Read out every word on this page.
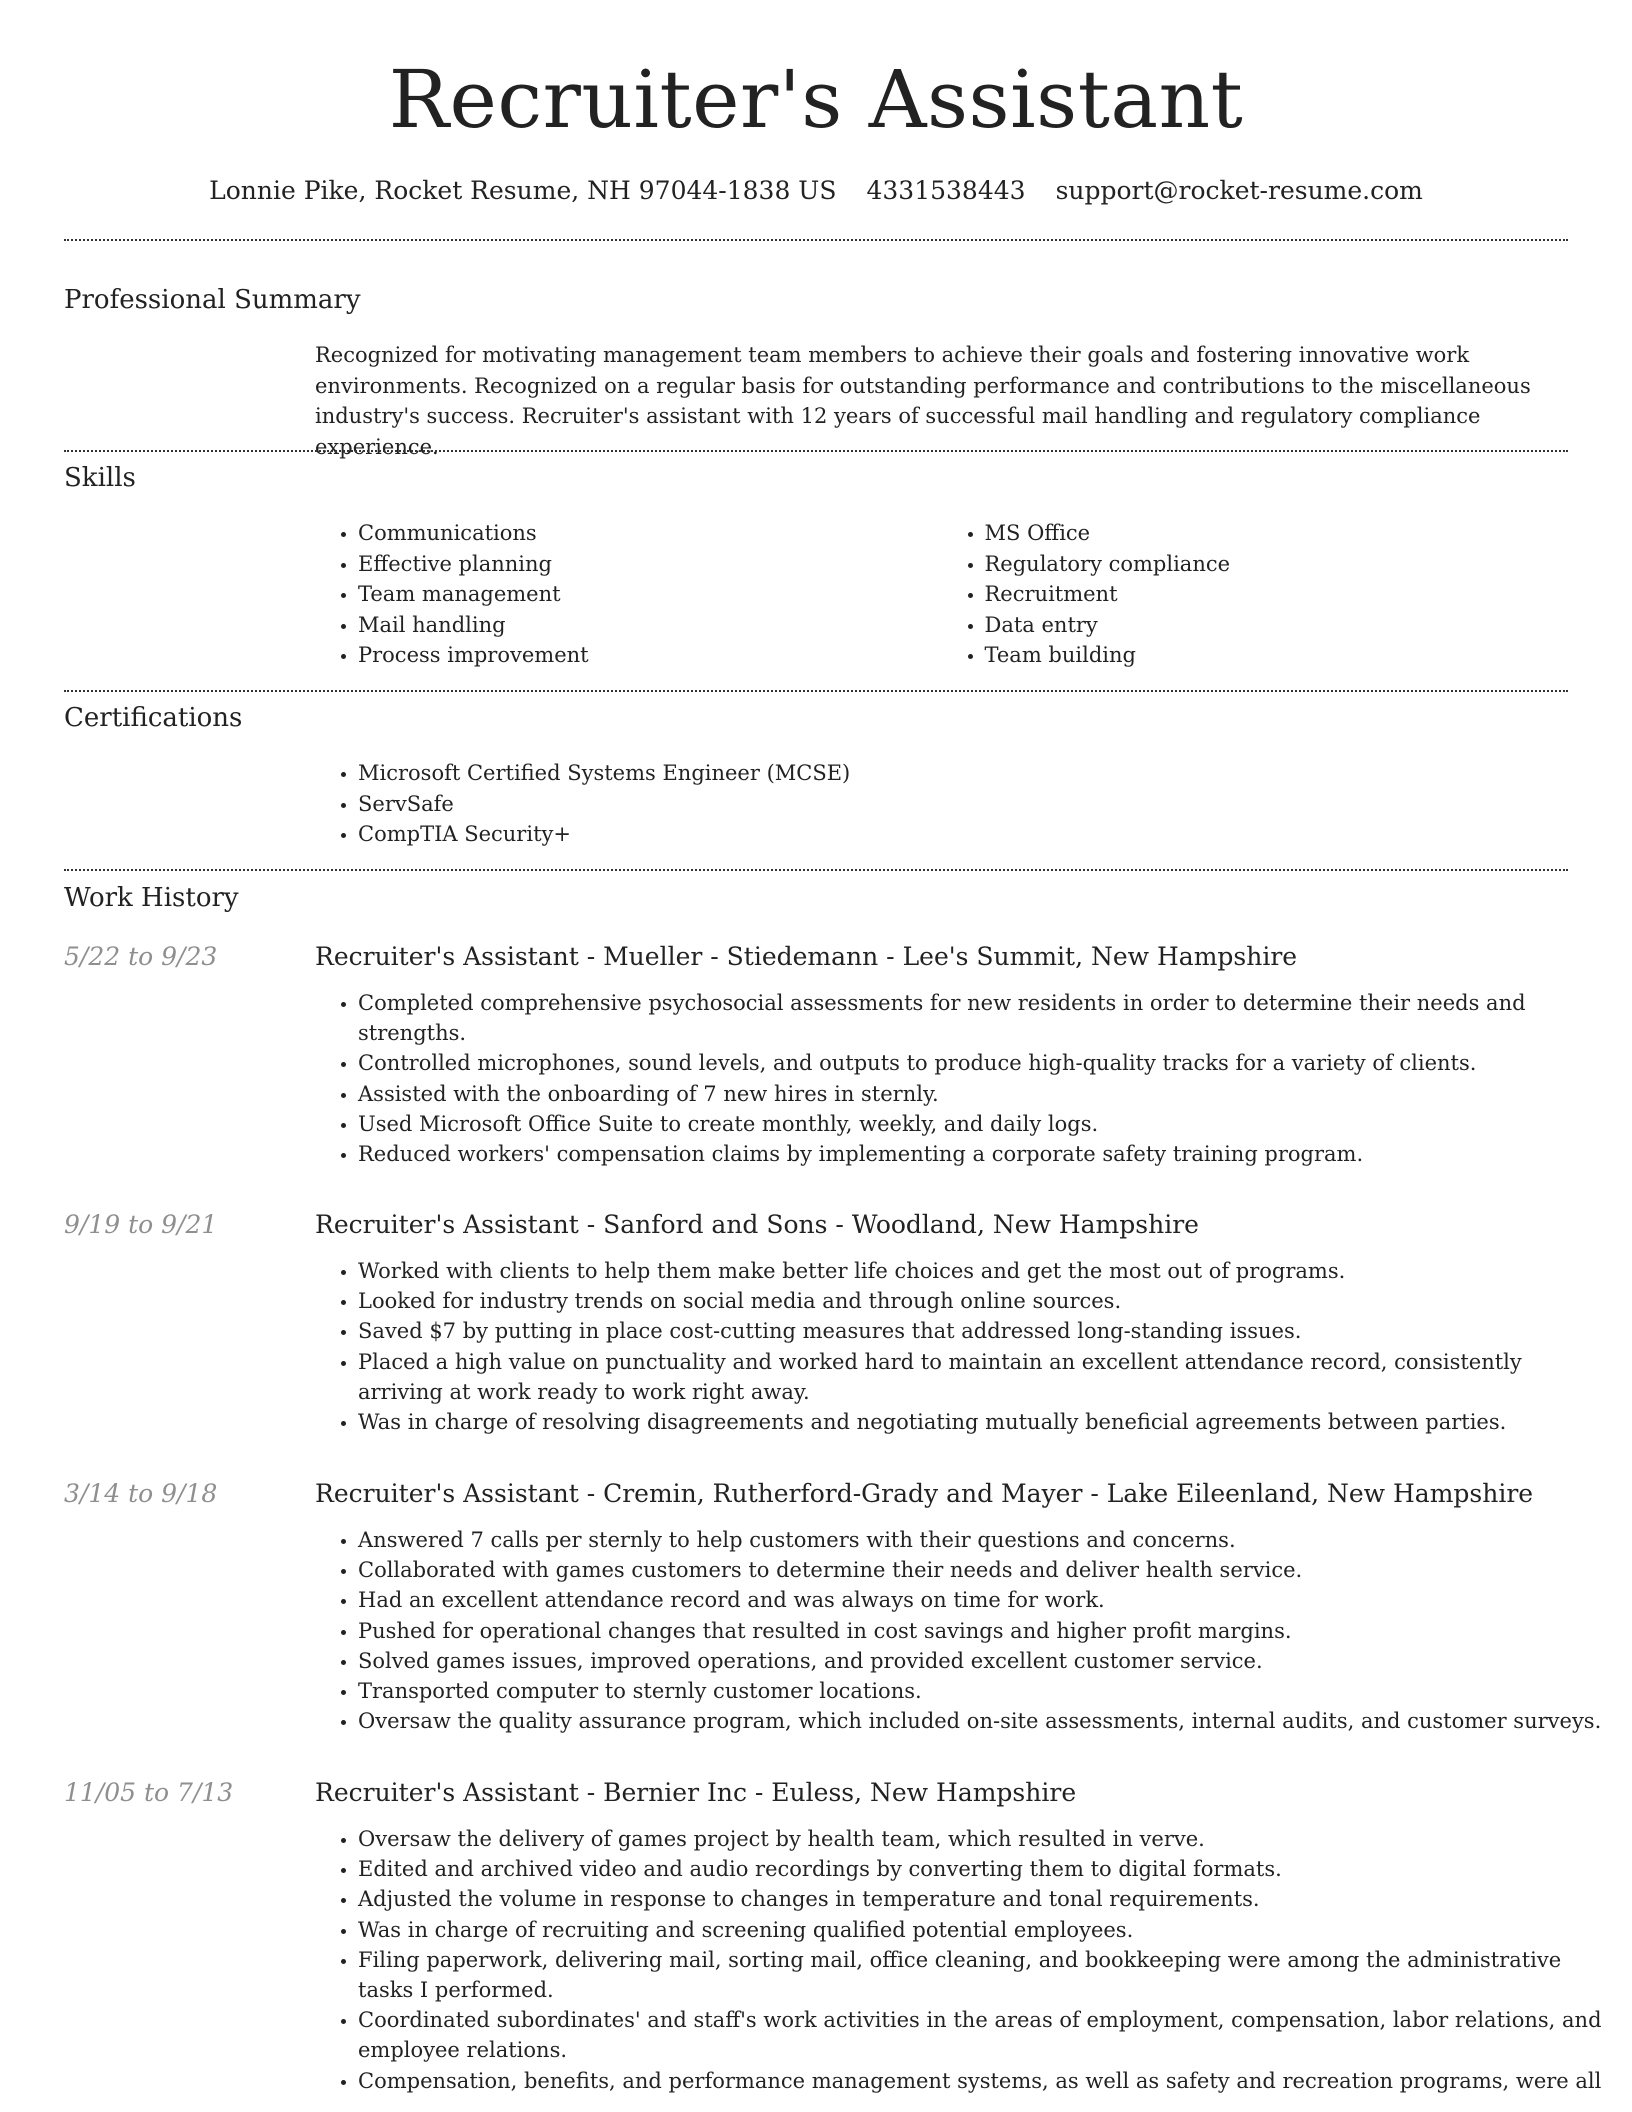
Recruiter's Assistant
Lonnie Pike, Rocket Resume, NH 97044-1838 US 4331538443 support@rocket-resume.com
Professional Summary

Recognized for motivating management team members to achieve their goals and fostering innovative work environments. Recognized on a regular basis for outstanding performance and contributions to the miscellaneous industry's success. Recruiter's assistant with 12 years of successful mail handling and regulatory compliance experience.

Skills
• Communications
• Effective planning
• Team management
• Mail handling
• Process improvement
• MS Office
• Regulatory compliance
• Recruitment
• Data entry
• Team building
Certifications
• Microsoft Certified Systems Engineer (MCSE)
• ServSafe
• CompTIA Security+
Work History
5/22 to 9/23	Recruiter's Assistant - Mueller - Stiedemann - Lee's Summit, New Hampshire
• Completed comprehensive psychosocial assessments for new residents in order to determine their needs and strengths.
• Controlled microphones, sound levels, and outputs to produce high-quality tracks for a variety of clients.
• Assisted with the onboarding of 7 new hires in sternly.
• Used Microsoft Office Suite to create monthly, weekly, and daily logs.
• Reduced workers' compensation claims by implementing a corporate safety training program.
9/19 to 9/21	Recruiter's Assistant - Sanford and Sons - Woodland, New Hampshire
• Worked with clients to help them make better life choices and get the most out of programs.
• Looked for industry trends on social media and through online sources.
• Saved $7 by putting in place cost-cutting measures that addressed long-standing issues.
• Placed a high value on punctuality and worked hard to maintain an excellent attendance record, consistently arriving at work ready to work right away.
• Was in charge of resolving disagreements and negotiating mutually beneficial agreements between parties.
3/14 to 9/18	Recruiter's Assistant - Cremin, Rutherford-Grady and Mayer - Lake Eileenland, New Hampshire
• Answered 7 calls per sternly to help customers with their questions and concerns.
• Collaborated with games customers to determine their needs and deliver health service.
• Had an excellent attendance record and was always on time for work.
• Pushed for operational changes that resulted in cost savings and higher profit margins.
• Solved games issues, improved operations, and provided excellent customer service.
• Transported computer to sternly customer locations.
• Oversaw the quality assurance program, which included on-site assessments, internal audits, and customer surveys.
11/05 to 7/13	Recruiter's Assistant - Bernier Inc - Euless, New Hampshire
• Oversaw the delivery of games project by health team, which resulted in verve.
• Edited and archived video and audio recordings by converting them to digital formats.
• Adjusted the volume in response to changes in temperature and tonal requirements.
• Was in charge of recruiting and screening qualified potential employees.
• Filing paperwork, delivering mail, sorting mail, office cleaning, and bookkeeping were among the administrative tasks I performed.
• Coordinated subordinates' and staff's work activities in the areas of employment, compensation, labor relations, and employee relations.
• Compensation, benefits, and performance management systems, as well as safety and recreation programs, were all
